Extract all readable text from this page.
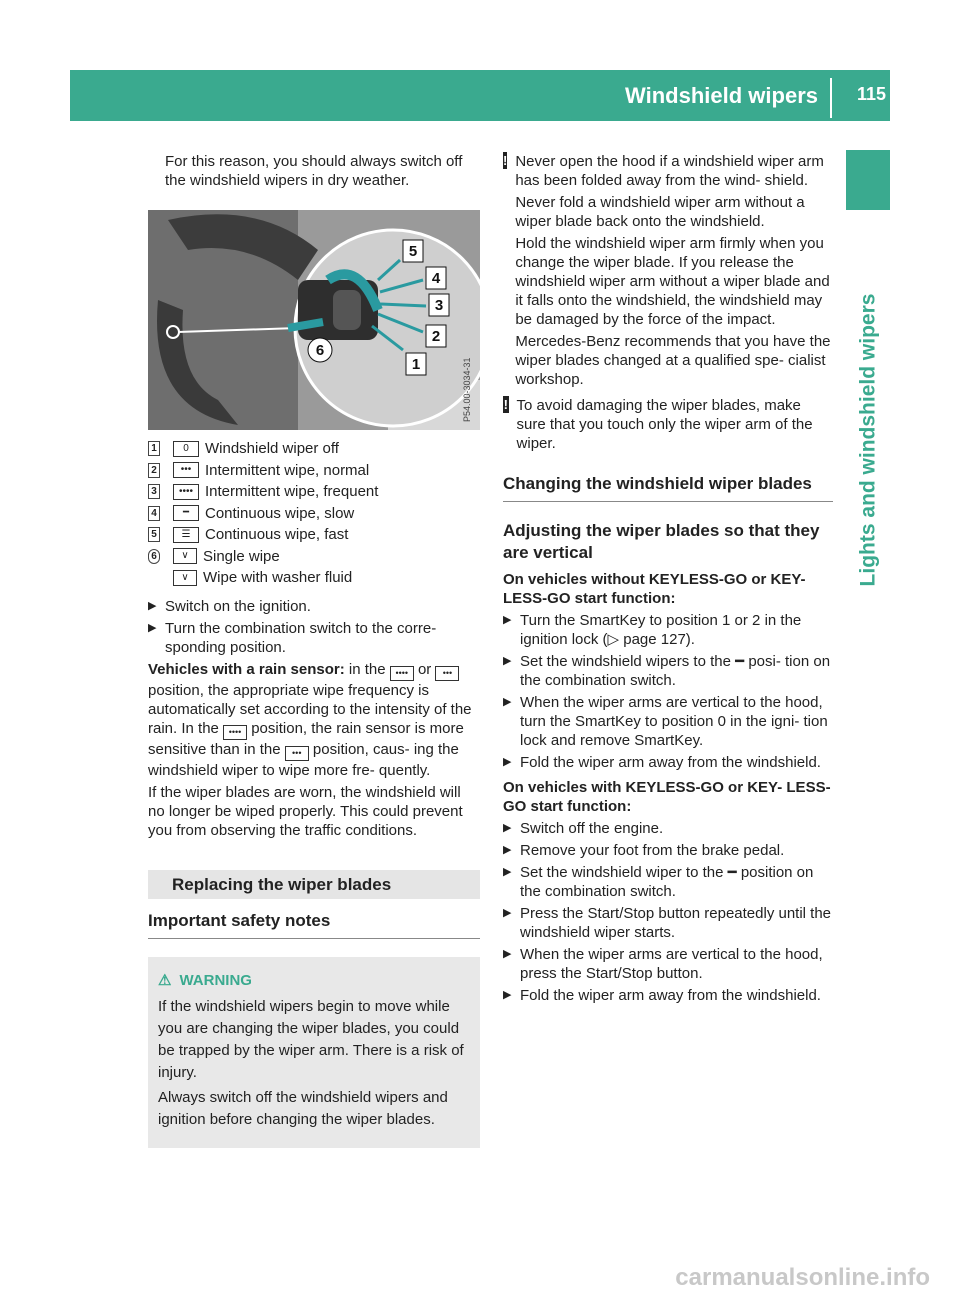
Windshield wipers 115
Lights and windshield wipers

For this reason, you should always switch off the windshield wipers in dry weather.

5
4
3
2
1
6
P54.00-3034-31
1	0	Windshield wiper off
2	••• Intermittent wipe, normal
3	•••• Intermittent wipe, frequent
4	━	Continuous wipe, slow
5	☰ Continuous wipe, fast
6	∨ Single wipe
∨ Wipe with washer fluid
▶ Switch on the ignition.
▶ Turn the combination switch to the corre- sponding position.

Vehicles with a rain sensor: in the •••• or ••• position, the appropriate wipe frequency is automatically set according to the intensity of the rain. In the •••• position, the rain sensor is more sensitive than in the ••• position, caus- ing the windshield wiper to wipe more fre- quently.

If the wiper blades are worn, the windshield will no longer be wiped properly. This could prevent you from observing the traffic conditions.

Replacing the wiper blades
Important safety notes
⚠ WARNING

If the windshield wipers begin to move while you are changing the wiper blades, you could be trapped by the wiper arm. There is a risk of injury.

Always switch off the windshield wipers and ignition before changing the wiper blades.

! Never open the hood if a windshield wiper arm has been folded away from the wind- shield.

Never fold a windshield wiper arm without a wiper blade back onto the windshield.

Hold the windshield wiper arm firmly when you change the wiper blade. If you release the windshield wiper arm without a wiper blade and it falls onto the windshield, the windshield may be damaged by the force of the impact.

Mercedes-Benz recommends that you have the wiper blades changed at a qualified spe- cialist workshop.

! To avoid damaging the wiper blades, make sure that you touch only the wiper arm of the wiper.

Changing the windshield wiper blades
Adjusting the wiper blades so that they are vertical

On vehicles without KEYLESS-GO or KEY- LESS-GO start function:

▶ Turn the SmartKey to position 1 or 2 in the ignition lock (▷ page 127).
▶ Set the windshield wipers to the ━ posi- tion on the combination switch.
▶ When the wiper arms are vertical to the hood, turn the SmartKey to position 0 in the igni- tion lock and remove SmartKey.
▶ Fold the wiper arm away from the windshield.

On vehicles with KEYLESS-GO or KEY- LESS-GO start function:

▶ Switch off the engine.
▶ Remove your foot from the brake pedal.
▶ Set the windshield wiper to the ━ position on the combination switch.
▶ Press the Start/Stop button repeatedly until the windshield wiper starts.
▶ When the wiper arms are vertical to the hood, press the Start/Stop button.
▶ Fold the wiper arm away from the windshield.
carmanualsonline.info
